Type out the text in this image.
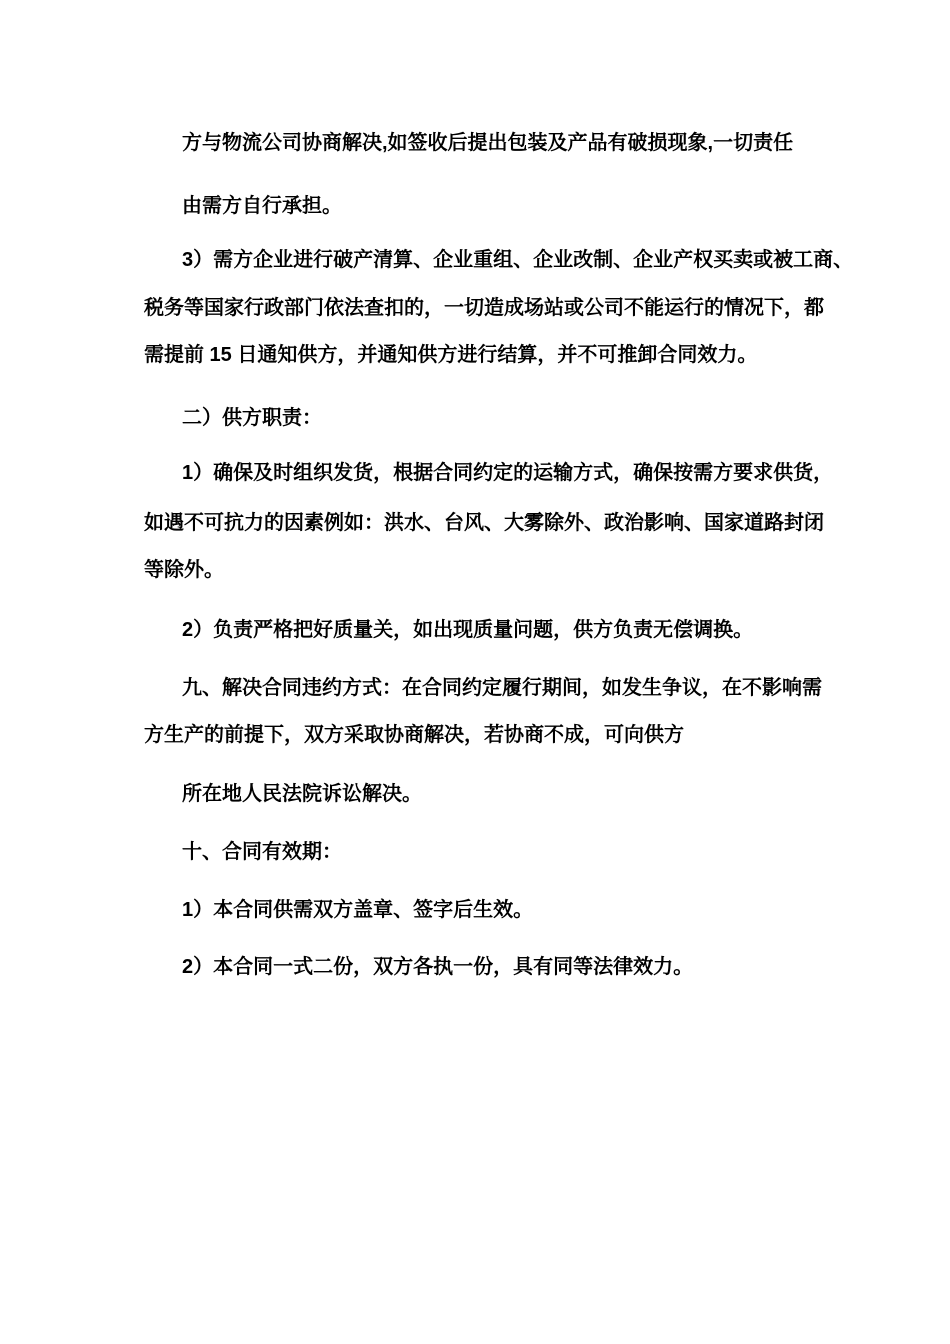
方与物流公司协商解决,如签收后提出包装及产品有破损现象,一切责任
由需方自行承担。
3）需方企业进行破产清算、企业重组、企业改制、企业产权买卖或被工商、
税务等国家行政部门依法查扣的，一切造成场站或公司不能运行的情况下，都
需提前 15 日通知供方，并通知供方进行结算，并不可推卸合同效力。
二）供方职责：
1）确保及时组织发货，根据合同约定的运输方式，确保按需方要求供货，
如遇不可抗力的因素例如：洪水、台风、大雾除外、政治影响、国家道路封闭
等除外。
2）负责严格把好质量关，如出现质量问题，供方负责无偿调换。
九、解决合同违约方式：在合同约定履行期间，如发生争议，在不影响需
方生产的前提下，双方采取协商解决，若协商不成，可向供方
所在地人民法院诉讼解决。
十、合同有效期：
1）本合同供需双方盖章、签字后生效。
2）本合同一式二份，双方各执一份，具有同等法律效力。
